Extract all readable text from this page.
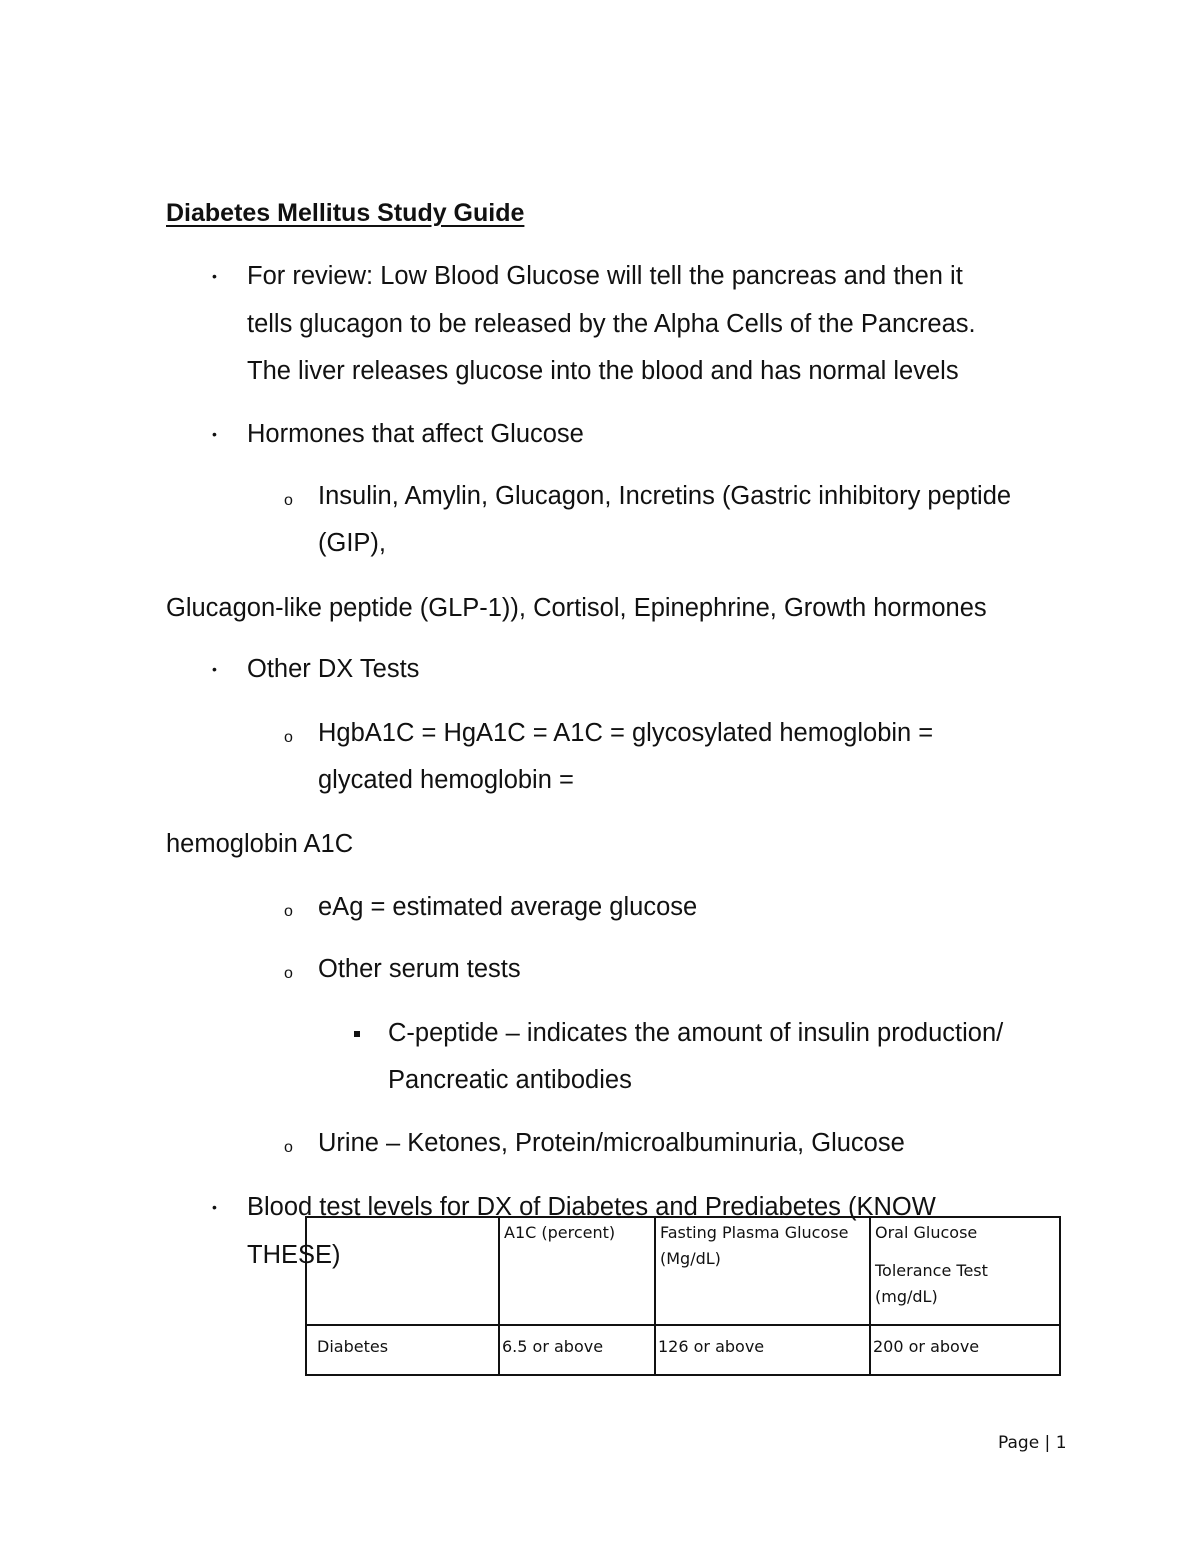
Diabetes Mellitus Study Guide
• For review: Low Blood Glucose will tell the pancreas and then it
tells glucagon to be released by the Alpha Cells of the Pancreas.
The liver releases glucose into the blood and has normal levels
• Hormones that affect Glucose
o Insulin, Amylin, Glucagon, Incretins (Gastric inhibitory peptide
(GIP),
Glucagon-like peptide (GLP-1)), Cortisol, Epinephrine, Growth hormones
• Other DX Tests
o HgbA1C = HgA1C = A1C = glycosylated hemoglobin =
glycated hemoglobin =
hemoglobin A1C
o eAg = estimated average glucose
o Other serum tests
C-peptide – indicates the amount of insulin production/
Pancreatic antibodies
o Urine – Ketones, Protein/microalbuminuria, Glucose
• Blood test levels for DX of Diabetes and Prediabetes (KNOW
THESE)
	A1C (percent)	Fasting Plasma Glucose (Mg/dL)	Oral Glucose
Tolerance Test (mg/dL)

Diabetes	6.5 or above	126 or above	200 or above
Page | 1
